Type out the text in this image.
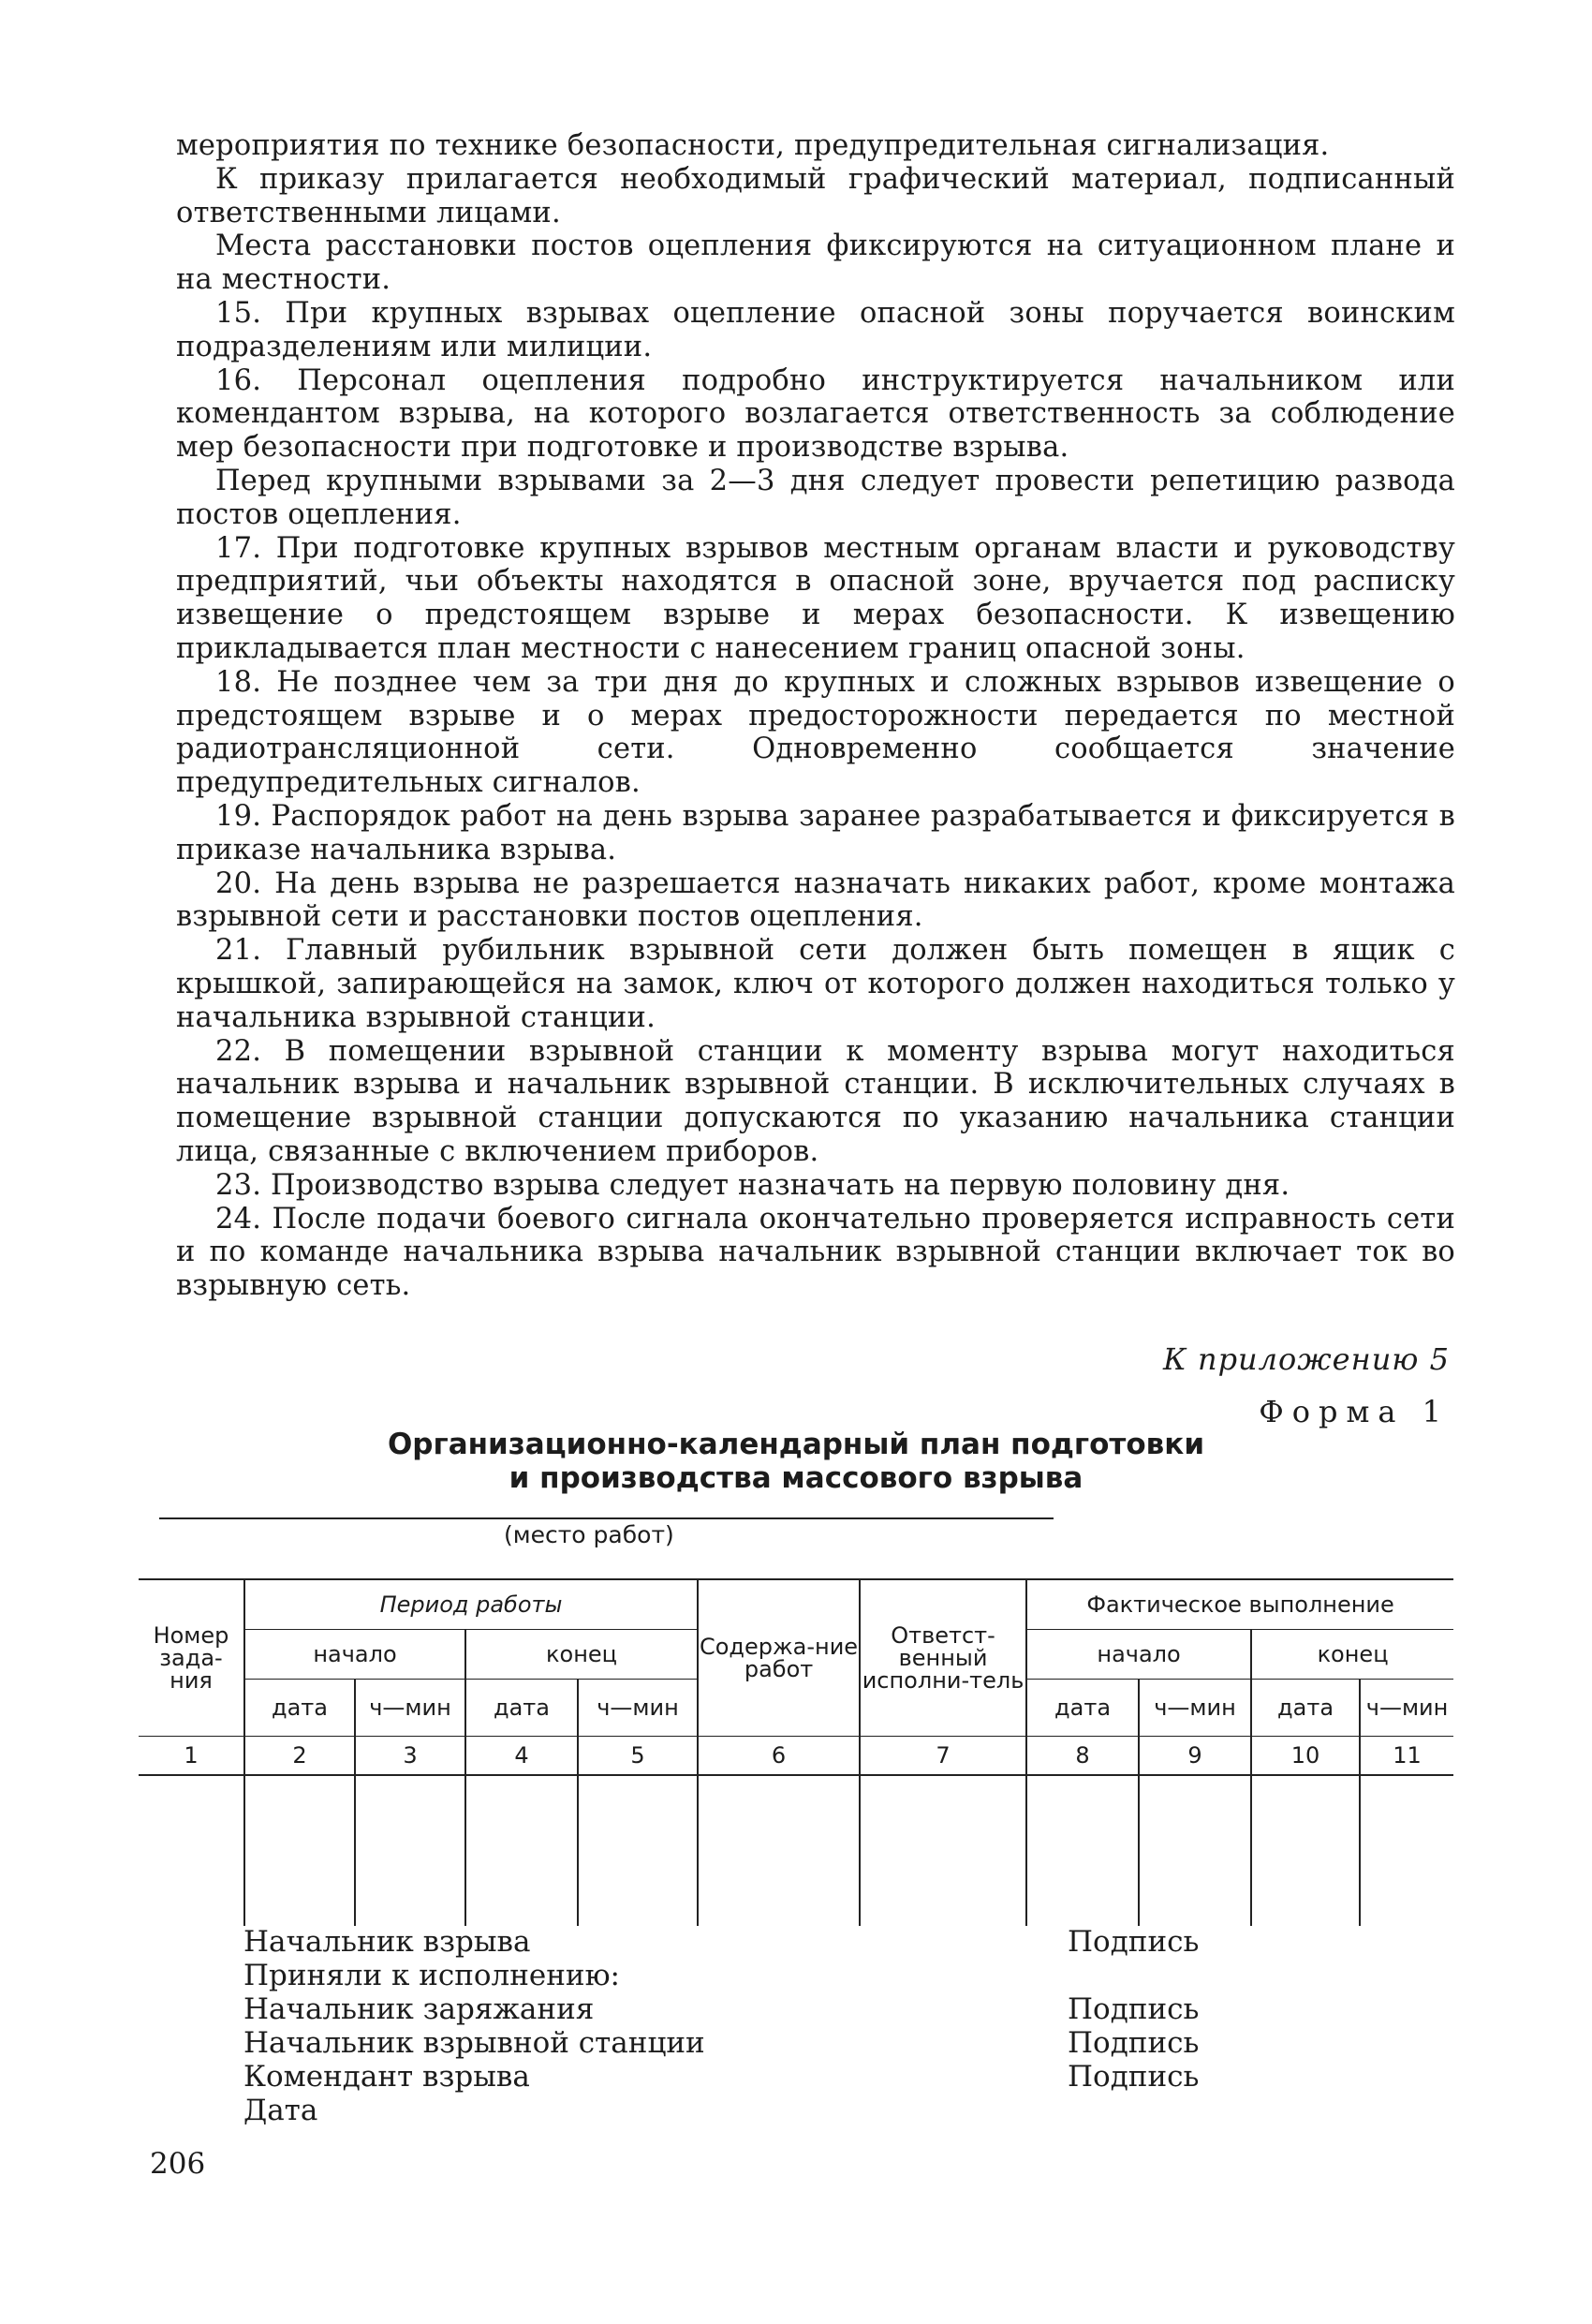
мероприятия по технике безопасности, предупредительная сигнализация.

К приказу прилагается необходимый графический материал, подписанный ответственными лицами.

Места расстановки постов оцепления фиксируются на ситуационном плане и на местности.

15. При крупных взрывах оцепление опасной зоны поручается воинским подразделениям или милиции.

16. Персонал оцепления подробно инструктируется начальником или комендантом взрыва, на которого возлагается ответственность за соблюдение мер безопасности при подготовке и производстве взрыва.

Перед крупными взрывами за 2—3 дня следует провести репетицию развода постов оцепления.

17. При подготовке крупных взрывов местным органам власти и руководству предприятий, чьи объекты находятся в опасной зоне, вручается под расписку извещение о предстоящем взрыве и мерах безопасности. К извещению прикладывается план местности с нанесением границ опасной зоны.

18. Не позднее чем за три дня до крупных и сложных взрывов извещение о предстоящем взрыве и о мерах предосторожности передается по местной радиотрансляционной сети. Одновременно сообщается значение предупредительных сигналов.

19. Распорядок работ на день взрыва заранее разрабатывается и фиксируется в приказе начальника взрыва.

20. На день взрыва не разрешается назначать никаких работ, кроме монтажа взрывной сети и расстановки постов оцепления.

21. Главный рубильник взрывной сети должен быть помещен в ящик с крышкой, запирающейся на замок, ключ от которого должен находиться только у начальника взрывной станции.

22. В помещении взрывной станции к моменту взрыва могут находиться начальник взрыва и начальник взрывной станции. В исключительных случаях в помещение взрывной станции допускаются по указанию начальника станции лица, связанные с включением приборов.

23. Производство взрыва следует назначать на первую половину дня.

24. После подачи боевого сигнала окончательно проверяется исправность сети и по команде начальника взрыва начальник взрывной станции включает ток во взрывную сеть.

К приложению 5
Форма 1
Организационно-календарный план подготовки
и производства массового взрыва
(место работ)
Номер зада-ния	Период работы				Содержа-ние работ	Ответст-венный исполни-тель	Фактическое выполнение			
	начало		конец				начало		конец	
	дата	ч—мин	дата	ч—мин			дата	ч—мин	дата	ч—мин
1	2	3	4	5	6	7	8	9	10	11

Начальник взрыва	Подпись
Приняли к исполнению:
Начальник заряжания	Подпись
Начальник взрывной станции	Подпись
Комендант взрыва	Подпись
Дата
206
